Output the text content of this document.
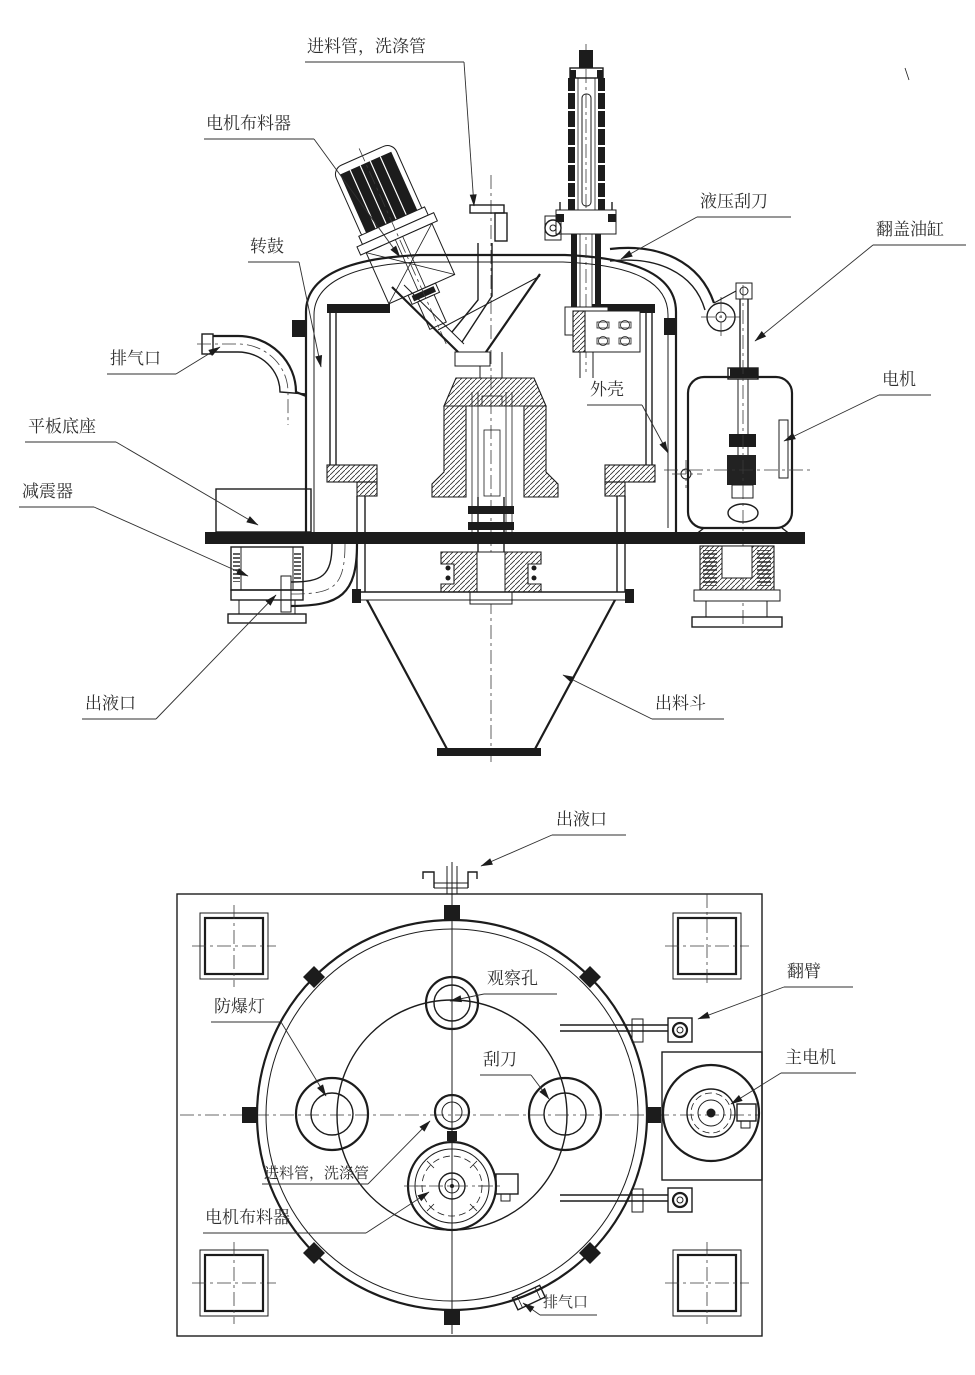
进料管，洗涤管
电机布料器
转鼓
液压刮刀
翻盖油缸
排气口
外壳	电机
平板底座
减震器
出液口	出料斗
出液口
观察孔
防爆灯
刮刀	主电机
翻臂
进料管，洗涤管
电机布料器
排气口
